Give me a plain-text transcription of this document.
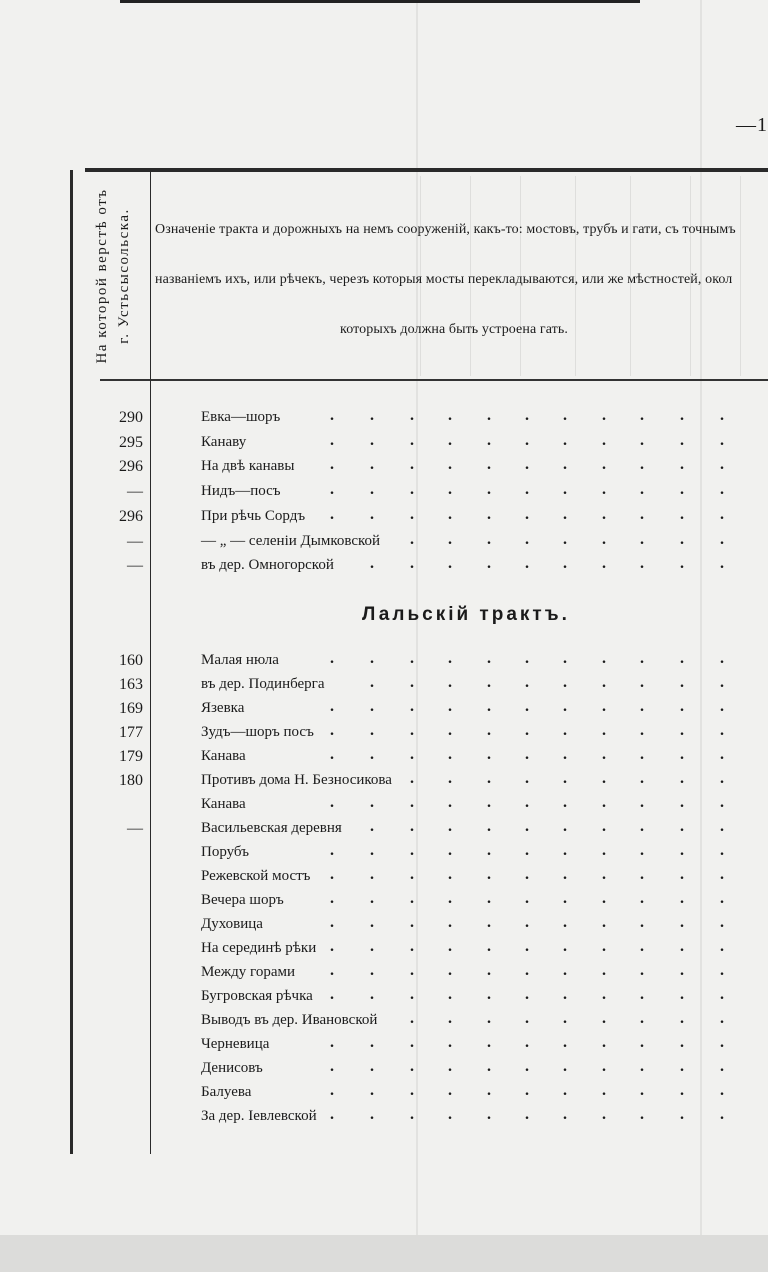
—1
На которой верстѣ отъ г. Устьсысольска. Означенiе тракта и дорожныхъ на немъ сооруженiй, какъ-то: мостовъ, трубъ и гати, съ точнымъ
названiемъ ихъ, или рѣчекъ, черезъ которыя мосты перекладываются, или же мѣстностей, окол
которыхъ должна быть устроена гать.
290	Евка—шоръ	. . . . . . . . . . .
295	Канаву	. . . . . . . . . . .
296	На двѣ канавы . . . . . . . . . . .
—	Нидъ—посъ	. . . . . . . . . . .
296	При рѣчь Сордъ . . . . . . . . . . .
—	— „ — селенiи Дымковской . . . . . . . . .
—	въ дер. Омногорской . . . . . . . . . .
Лальскiй трактъ.
160	Малая нюла	. . . . . . . . . . .
163	въ дер. Подинберга	. . . . . . . . . .
169	Язевка	. . . . . . . . . . .
177	Зудъ—шоръ посъ . . . . . . . . . . .
179	Канава	. . . . . . . . . . .
180	Противъ дома Н. Безносикова . . . . . . . . .
Канава	. . . . . . . . . . .
—	Васильевская деревня . . . . . . . . . .
Порубъ	. . . . . . . . . . .
Режевской мостъ . . . . . . . . . . .
Вечера шоръ	. . . . . . . . . . .
Духовица	. . . . . . . . . . .
На серединѣ рѣки . . . . . . . . . . .
Между горами . . . . . . . . . . .
Бугровская рѣчка . . . . . . . . . . .
Выводъ въ дер. Ивановской . . . . . . . . .
Черневица	. . . . . . . . . . .
Денисовъ	. . . . . . . . . . .
Балуева	. . . . . . . . . . .
За дер. Iевлевской . . . . . . . . . . .
